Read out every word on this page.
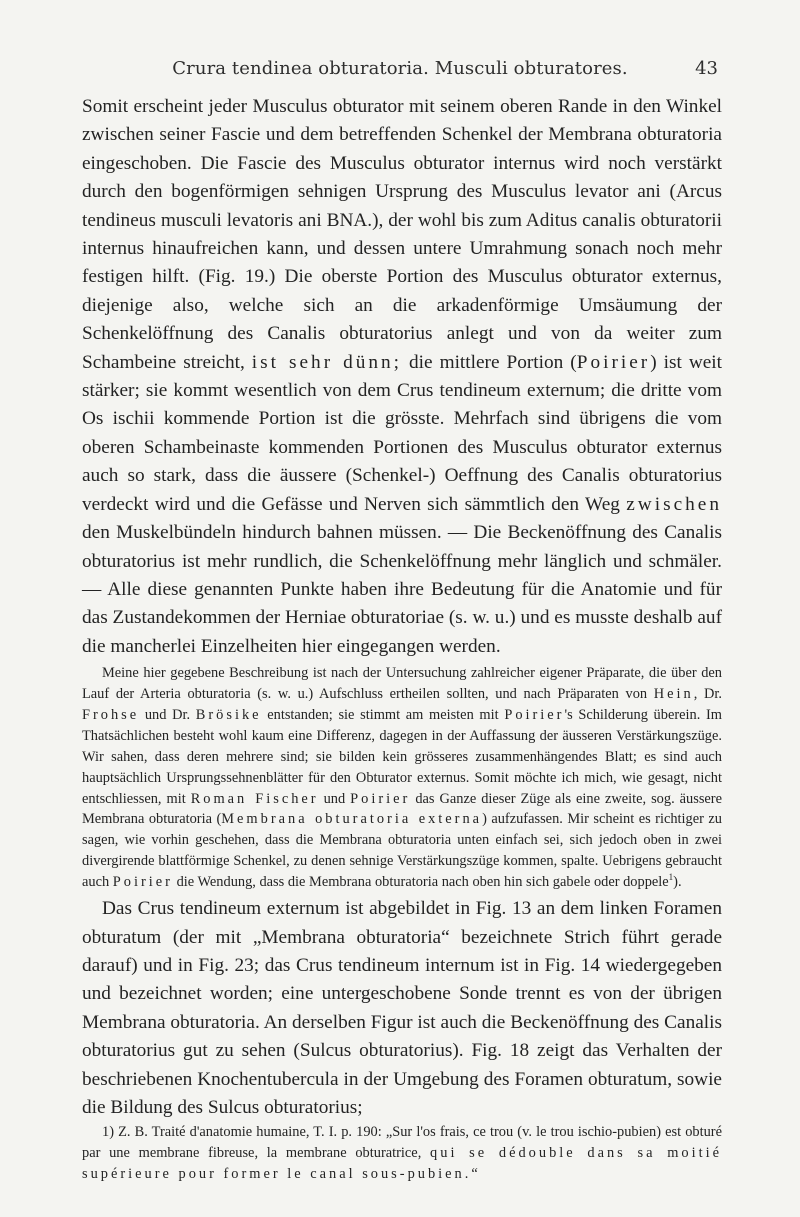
Crura tendinea obturatoria. Musculi obturatores.	43

Somit erscheint jeder Musculus obturator mit seinem oberen Rande in den Winkel zwischen seiner Fascie und dem betreffenden Schenkel der Membrana obturatoria eingeschoben. Die Fascie des Musculus obturator internus wird noch verstärkt durch den bogenförmigen sehnigen Ursprung des Musculus levator ani (Arcus tendineus musculi levatoris ani BNA.), der wohl bis zum Aditus canalis obturatorii internus hinaufreichen kann, und dessen untere Umrahmung sonach noch mehr festigen hilft. (Fig. 19.) Die oberste Portion des Musculus obturator externus, diejenige also, welche sich an die arkadenförmige Umsäumung der Schenkelöffnung des Canalis obturatorius anlegt und von da weiter zum Schambeine streicht, ist sehr dünn; die mittlere Portion (Poirier) ist weit stärker; sie kommt wesentlich von dem Crus tendineum externum; die dritte vom Os ischii kommende Portion ist die grösste. Mehrfach sind übrigens die vom oberen Schambeinaste kommenden Portionen des Musculus obturator externus auch so stark, dass die äussere (Schenkel-) Oeffnung des Canalis obturatorius verdeckt wird und die Gefässe und Nerven sich sämmtlich den Weg zwischen den Muskelbündeln hindurch bahnen müssen. — Die Beckenöffnung des Canalis obturatorius ist mehr rundlich, die Schenkelöffnung mehr länglich und schmäler. — Alle diese genannten Punkte haben ihre Bedeutung für die Anatomie und für das Zustandekommen der Herniae obturatoriae (s. w. u.) und es musste deshalb auf die mancherlei Einzelheiten hier eingegangen werden.

Meine hier gegebene Beschreibung ist nach der Untersuchung zahlreicher eigener Präparate, die über den Lauf der Arteria obturatoria (s. w. u.) Aufschluss ertheilen sollten, und nach Präparaten von Hein, Dr. Frohse und Dr. Brösike entstanden; sie stimmt am meisten mit Poirier's Schilderung überein. Im Thatsächlichen besteht wohl kaum eine Differenz, dagegen in der Auffassung der äusseren Verstärkungszüge. Wir sahen, dass deren mehrere sind; sie bilden kein grösseres zusammenhängendes Blatt; es sind auch hauptsächlich Ursprungssehnenblätter für den Obturator externus. Somit möchte ich mich, wie gesagt, nicht entschliessen, mit Roman Fischer und Poirier das Ganze dieser Züge als eine zweite, sog. äussere Membrana obturatoria (Membrana obturatoria externa) aufzufassen. Mir scheint es richtiger zu sagen, wie vorhin geschehen, dass die Membrana obturatoria unten einfach sei, sich jedoch oben in zwei divergirende blattförmige Schenkel, zu denen sehnige Verstärkungszüge kommen, spalte. Uebrigens gebraucht auch Poirier die Wendung, dass die Membrana obturatoria nach oben hin sich gabele oder doppele$^1$).

Das Crus tendineum externum ist abgebildet in Fig. 13 an dem linken Foramen obturatum (der mit „Membrana obturatoria“ bezeichnete Strich führt gerade darauf) und in Fig. 23; das Crus tendineum internum ist in Fig. 14 wiedergegeben und bezeichnet worden; eine untergeschobene Sonde trennt es von der übrigen Membrana obturatoria. An derselben Figur ist auch die Beckenöffnung des Canalis obturatorius gut zu sehen (Sulcus obturatorius). Fig. 18 zeigt das Verhalten der beschriebenen Knochentubercula in der Umgebung des Foramen obturatum, sowie die Bildung des Sulcus obturatorius;

1) Z. B. Traité d'anatomie humaine, T. I. p. 190: „Sur l'os frais, ce trou (v. le trou ischio-pubien) est obturé par une membrane fibreuse, la membrane obturatrice, qui se dédouble dans sa moitié supérieure pour former le canal sous-pubien.“
